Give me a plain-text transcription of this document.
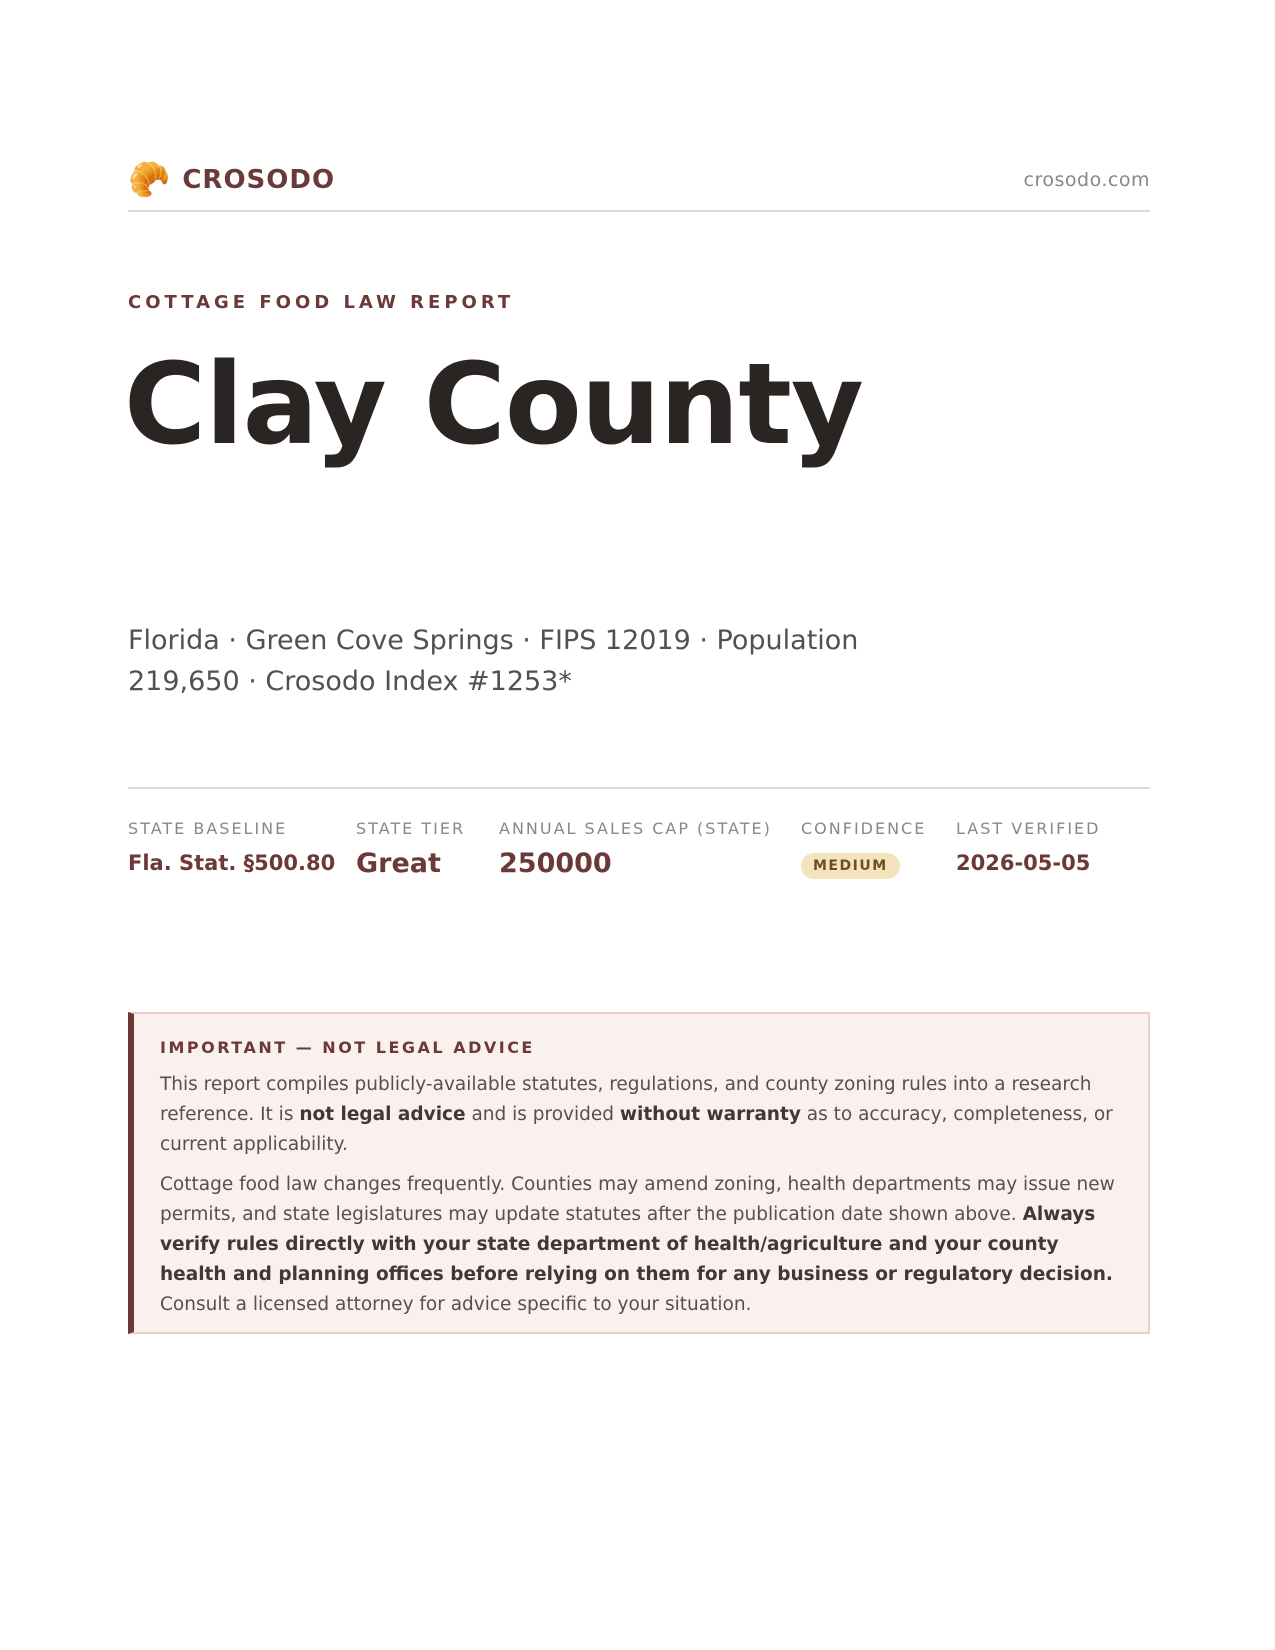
🥐 CROSODO	crosodo.com
COTTAGE FOOD LAW REPORT
Clay County
Florida · Green Cove Springs · FIPS 12019 · Population 219,650 · Crosodo Index #1253*
STATE BASELINE
Fla. Stat. §500.80
STATE TIER
Great
ANNUAL SALES CAP (STATE)
250000
CONFIDENCE
MEDIUM
LAST VERIFIED
2026-05-05
IMPORTANT — NOT LEGAL ADVICE

This report compiles publicly-available statutes, regulations, and county zoning rules into a research reference. It is not legal advice and is provided without warranty as to accuracy, completeness, or current applicability.

Cottage food law changes frequently. Counties may amend zoning, health departments may issue new permits, and state legislatures may update statutes after the publication date shown above. Always verify rules directly with your state department of health/agriculture and your county health and planning offices before relying on them for any business or regulatory decision. Consult a licensed attorney for advice specific to your situation.
